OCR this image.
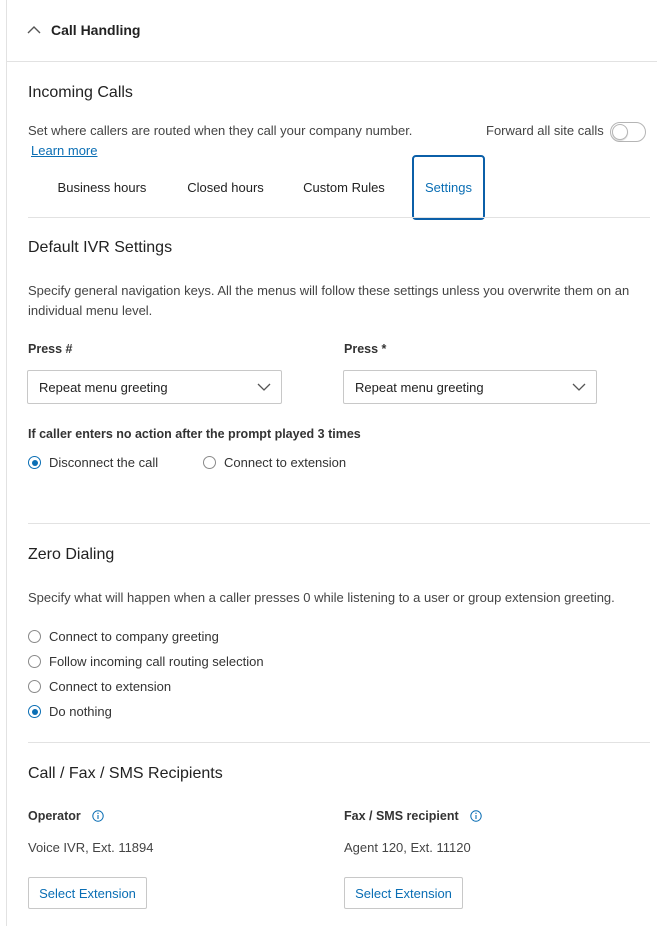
Call Handling
Incoming Calls
Set where callers are routed when they call your company number.
Learn more
Forward all site calls
Business hours	Closed hours	Custom Rules	Settings
Default IVR Settings
Specify general navigation keys. All the menus will follow these settings unless you overwrite them on an
individual menu level.
Press #	Press *
Repeat menu greeting	Repeat menu greeting
If caller enters no action after the prompt played 3 times
Disconnect the call	Connect to extension
Zero Dialing
Specify what will happen when a caller presses 0 while listening to a user or group extension greeting.
Connect to company greeting
Follow incoming call routing selection
Connect to extension
Do nothing
Call / Fax / SMS Recipients
Operator	Fax / SMS recipient
Voice IVR, Ext. 11894	Agent 120, Ext. 11120
Select Extension	Select Extension
